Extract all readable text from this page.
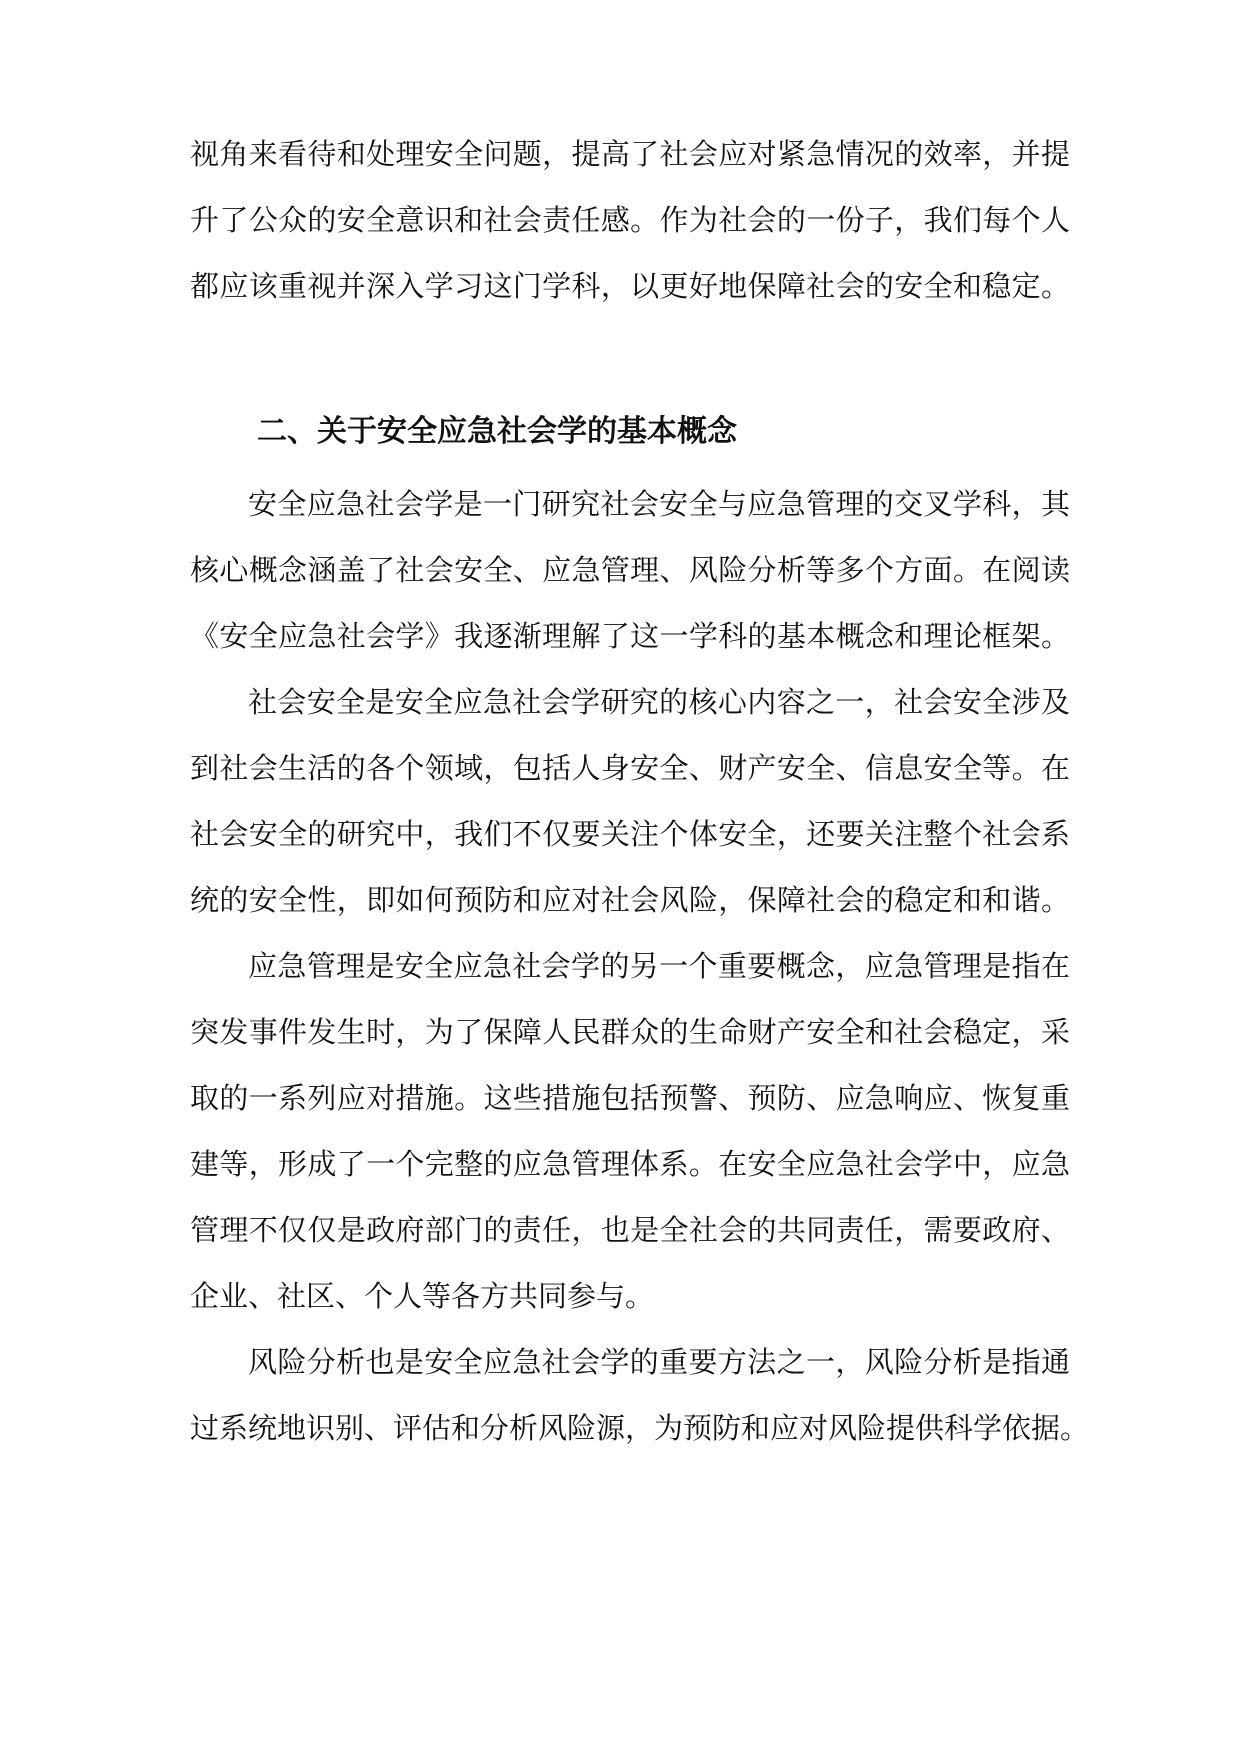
视角来看待和处理安全问题，提高了社会应对紧急情况的效率，并提
升了公众的安全意识和社会责任感。作为社会的一份子，我们每个人
都应该重视并深入学习这门学科，以更好地保障社会的安全和稳定。
二、关于安全应急社会学的基本概念
安全应急社会学是一门研究社会安全与应急管理的交叉学科，其
核心概念涵盖了社会安全、应急管理、风险分析等多个方面。在阅读
《安全应急社会学》我逐渐理解了这一学科的基本概念和理论框架。
社会安全是安全应急社会学研究的核心内容之一，社会安全涉及
到社会生活的各个领域，包括人身安全、财产安全、信息安全等。在
社会安全的研究中，我们不仅要关注个体安全，还要关注整个社会系
统的安全性，即如何预防和应对社会风险，保障社会的稳定和和谐。
应急管理是安全应急社会学的另一个重要概念，应急管理是指在
突发事件发生时，为了保障人民群众的生命财产安全和社会稳定，采
取的一系列应对措施。这些措施包括预警、预防、应急响应、恢复重
建等，形成了一个完整的应急管理体系。在安全应急社会学中，应急
管理不仅仅是政府部门的责任，也是全社会的共同责任，需要政府、
企业、社区、个人等各方共同参与。
风险分析也是安全应急社会学的重要方法之一，风险分析是指通
过系统地识别、评估和分析风险源，为预防和应对风险提供科学依据。
